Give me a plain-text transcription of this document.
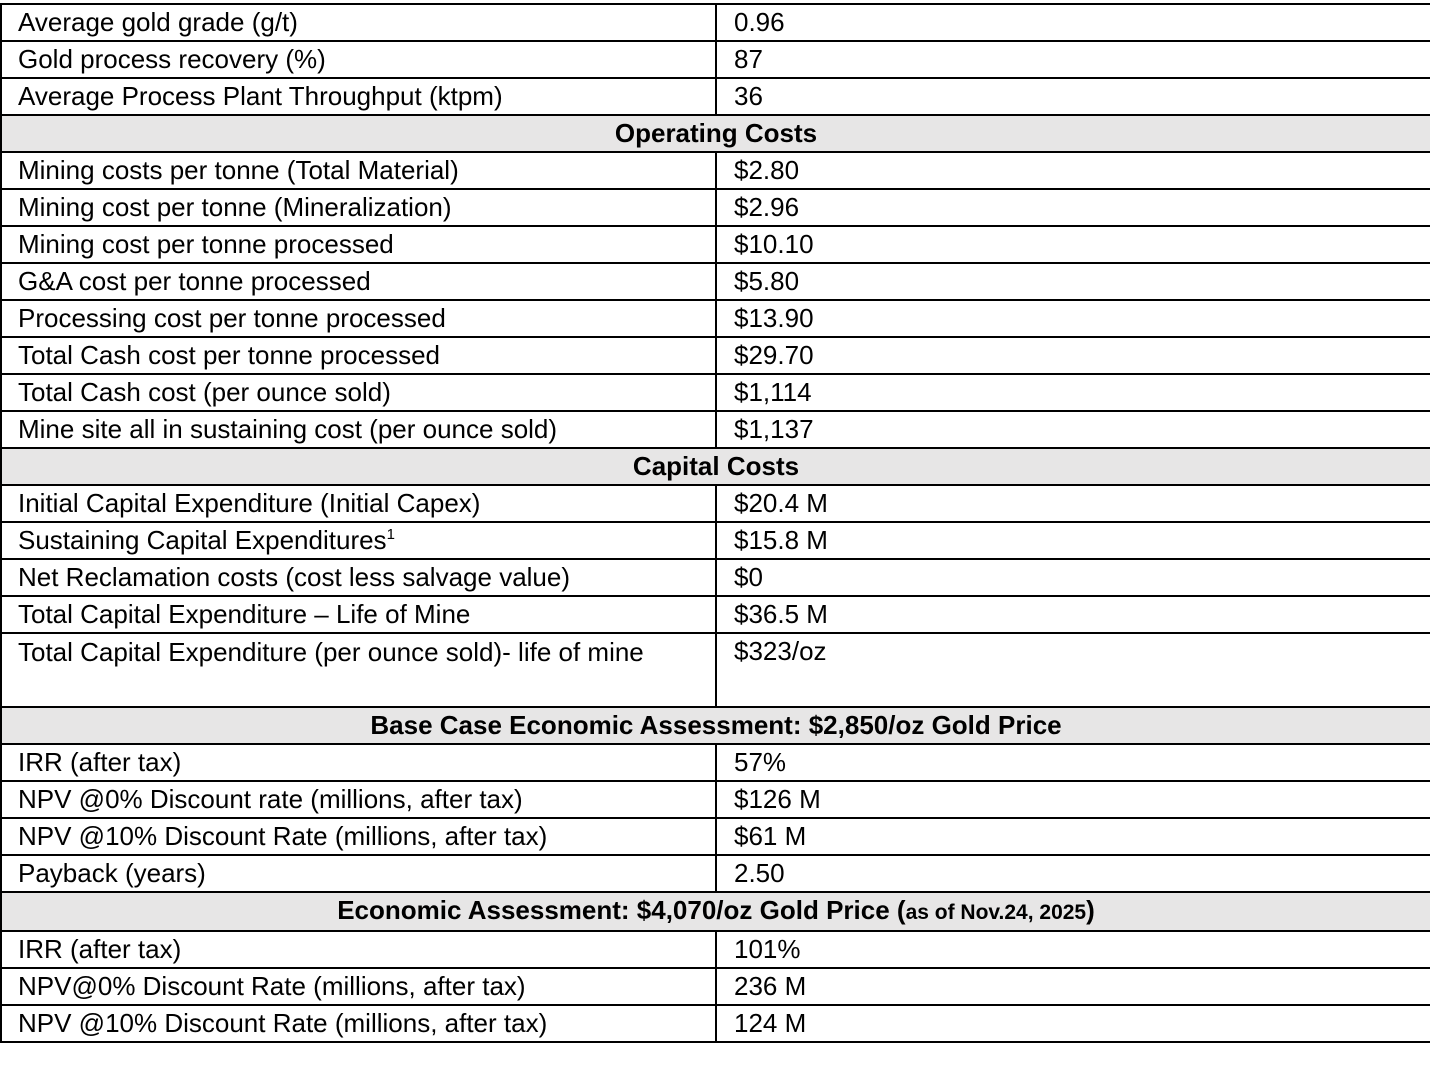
Average gold grade (g/t)	0.96
Gold process recovery (%)	87
Average Process Plant Throughput (ktpm)	36
Operating Costs	
Mining costs per tonne (Total Material)	$2.80
Mining cost per tonne (Mineralization)	$2.96
Mining cost per tonne processed	$10.10
G&A cost per tonne processed	$5.80
Processing cost per tonne processed	$13.90
Total Cash cost per tonne processed	$29.70
Total Cash cost (per ounce sold)	$1,114
Mine site all in sustaining cost (per ounce sold)	$1,137
Capital Costs	
Initial Capital Expenditure (Initial Capex)	$20.4 M
Sustaining Capital Expenditures$^1$	$15.8 M
Net Reclamation costs (cost less salvage value)	$0
Total Capital Expenditure – Life of Mine	$36.5 M
Total Capital Expenditure (per ounce sold)- life of mine	$323/oz
Base Case Economic Assessment: $2,850/oz Gold Price	
IRR (after tax)	57%
NPV @0% Discount rate (millions, after tax)	$126 M
NPV @10% Discount Rate (millions, after tax)	$61 M
Payback (years)	2.50
Economic Assessment: $4,070/oz Gold Price (as of Nov.24, 2025)	
IRR (after tax)	101%
NPV@0% Discount Rate (millions, after tax)	236 M
NPV @10% Discount Rate (millions, after tax)	124 M
